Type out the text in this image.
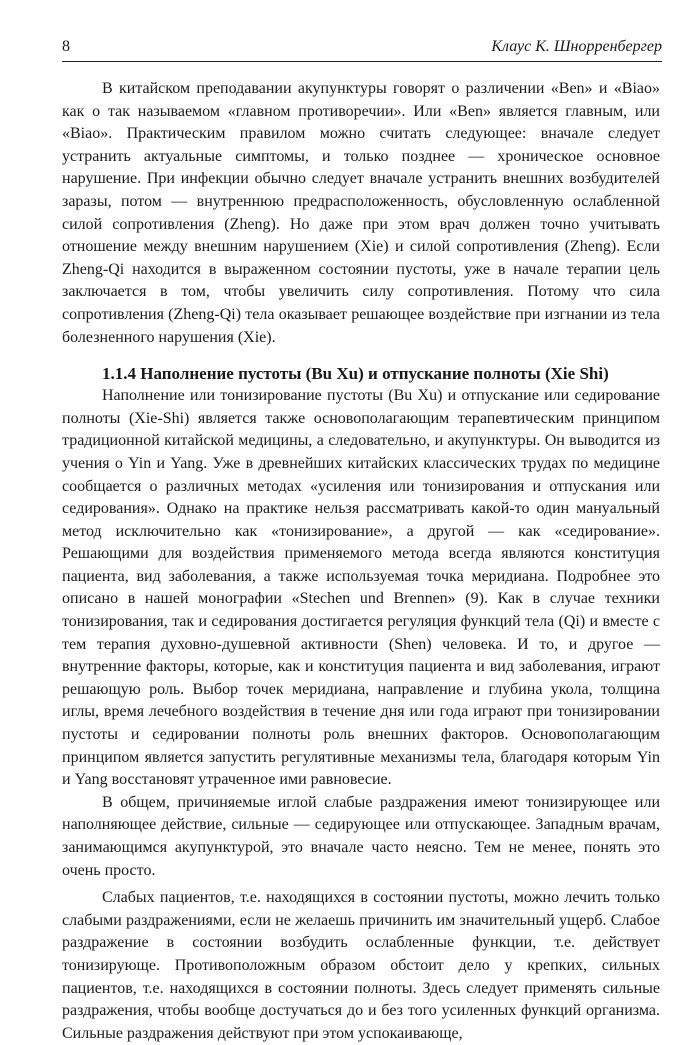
8	Клаус К. Шнорренбергер

В китайском преподавании акупунктуры говорят о различении «Ben» и «Biao» как о так называемом «главном противоречии». Или «Ben» является главным, или «Biao». Практическим правилом можно считать следующее: вначале следует устранить актуальные симптомы, и только позднее — хроническое основное нарушение. При инфекции обычно следует вначале устранить внешних возбудителей заразы, потом — внутреннюю предрасположенность, обусловленную ослабленной силой сопротивления (Zheng). Но даже при этом врач должен точно учитывать отношение между внешним нарушением (Xie) и силой сопротивления (Zheng). Если Zheng-Qi находится в выраженном состоянии пустоты, уже в начале терапии цель заключается в том, чтобы увеличить силу сопротивления. Потому что сила сопротивления (Zheng-Qi) тела оказывает решающее воздействие при изгнании из тела болезненного нарушения (Xie).

1.1.4 Наполнение пустоты (Bu Xu) и отпускание полноты (Xie Shi)

Наполнение или тонизирование пустоты (Bu Xu) и отпускание или седирование полноты (Xie-Shi) является также основополагающим терапевтическим принципом традиционной китайской медицины, а следовательно, и акупунктуры. Он выводится из учения о Yin и Yang. Уже в древнейших китайских классических трудах по медицине сообщается о различных методах «усиления или тонизирования и отпускания или седирования». Однако на практике нельзя рассматривать какой-то один мануальный метод исключительно как «тонизирование», а другой — как «седирование». Решающими для воздействия применяемого метода всегда являются конституция пациента, вид заболевания, а также используемая точка меридиана. Подробнее это описано в нашей монографии «Stechen und Brennen» (9). Как в случае техники тонизирования, так и седирования достигается регуляция функций тела (Qi) и вместе с тем терапия духовно-душевной активности (Shen) человека. И то, и другое — внутренние факторы, которые, как и конституция пациента и вид заболевания, играют решающую роль. Выбор точек меридиана, направление и глубина укола, толщина иглы, время лечебного воздействия в течение дня или года играют при тонизировании пустоты и седировании полноты роль внешних факторов. Основополагающим принципом является запустить регулятивные механизмы тела, благодаря которым Yin и Yang восстановят утраченное ими равновесие.

В общем, причиняемые иглой слабые раздражения имеют тонизирующее или наполняющее действие, сильные — седирующее или отпускающее. Западным врачам, занимающимся акупунктурой, это вначале часто неясно. Тем не менее, понять это очень просто.

Слабых пациентов, т.е. находящихся в состоянии пустоты, можно лечить только слабыми раздражениями, если не желаешь причинить им значительный ущерб. Слабое раздражение в состоянии возбудить ослабленные функции, т.е. действует тонизирующе. Противоположным образом обстоит дело у крепких, сильных пациентов, т.е. находящихся в состоянии полноты. Здесь следует применять сильные раздражения, чтобы вообще достучаться до и без того усиленных функций организма. Сильные раздражения действуют при этом успокаивающе,
